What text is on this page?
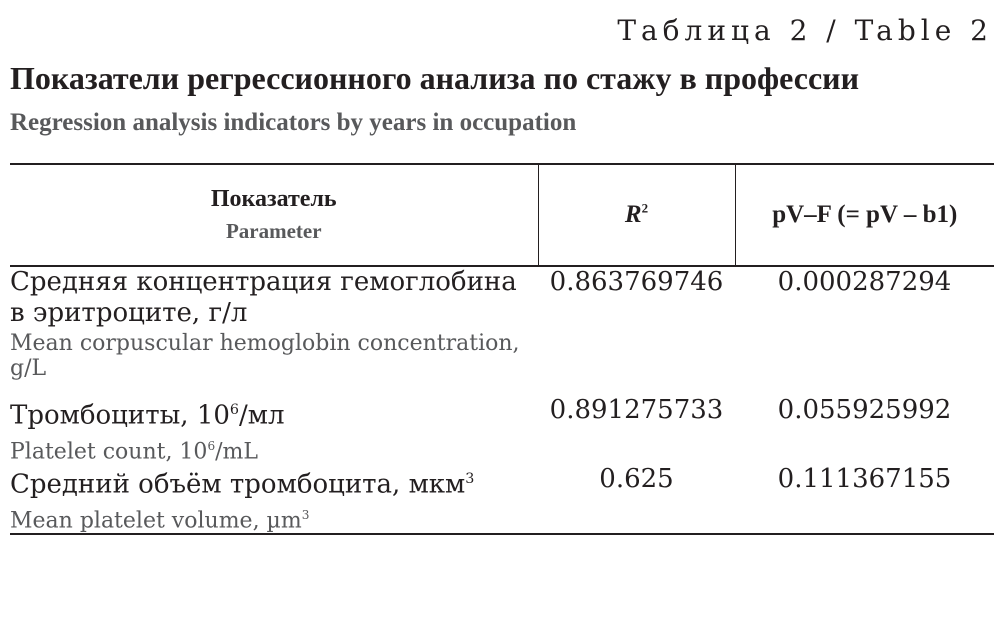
Таблица 2 / Table 2
Показатели регрессионного анализа по стажу в профессии
Regression analysis indicators by years in occupation
Показатель
Parameter	$R^2$	pV–F (= pV – b1)

Средняя концентрация гемоглобина в эритроците, г/л
Mean corpuscular hemoglobin concentration, g/L	0.863769746	0.000287294

Тромбоциты, $10^6/мл$
Platelet count, $10^6/mL$	0.891275733	0.055925992

Средний объём тромбоцита, мкм$^3$
Mean platelet volume, µm$^3$	0.625	0.111367155
